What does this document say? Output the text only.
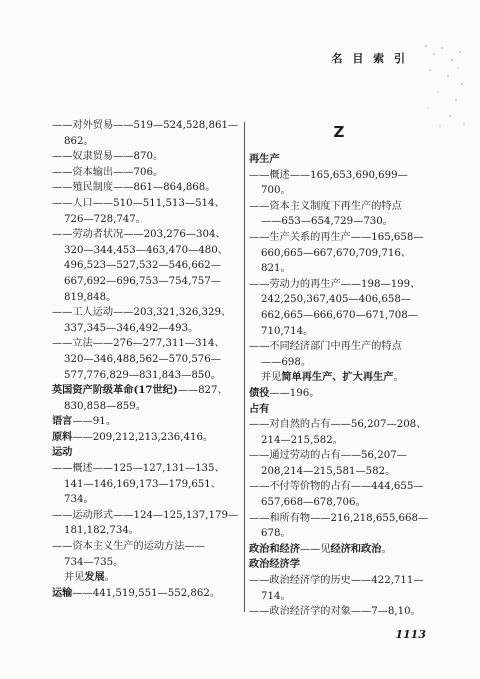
名 目 索 引
——对外贸易——519—524,528,861—
862。
——奴隶贸易——870。
——资本输出——706。
——殖民制度——861—864,868。
——人口——510—511,513—514、
726—728,747。
——劳动者状况——203,276—304、
320—344,453—463,470—480、
496,523—527,532—546,662—
667,692—696,753—754,757—
819,848。
——工人运动——203,321,326,329、
337,345—346,492—493。
——立法——276—277,311—314、
320—346,488,562—570,576—
577,776,829—831,843—850。
英国资产阶级革命(17世纪)——827、
830,858—859。
语言——91。
原料——209,212,213,236,416。
运动
——概述——125—127,131—135、
141—146,169,173—179,651、
734。
——运动形式——124—125,137,179—
181,182,734。
——资本主义生产的运动方法——
734—735。
并见发展。
运输——441,519,551—552,862。
Z
再生产
——概述——165,653,690,699—
700。
——资本主义制度下再生产的特点
——653—654,729—730。
——生产关系的再生产——165,658—
660,665—667,670,709,716、
821。
——劳动力的再生产——198—199、
242,250,367,405—406,658—
662,665—666,670—671,708—
710,714。
——不同经济部门中再生产的特点
——698。
并见简单再生产、扩大再生产。
债役——196。
占有
——对自然的占有——56,207—208、
214—215,582。
——通过劳动的占有——56,207—
208,214—215,581—582。
——不付等价物的占有——444,655—
657,668—678,706。
——和所有物——216,218,655,668—
678。
政治和经济——见经济和政治。
政治经济学
——政治经济学的历史——422,711—
714。
——政治经济学的对象——7—8,10。
1113
